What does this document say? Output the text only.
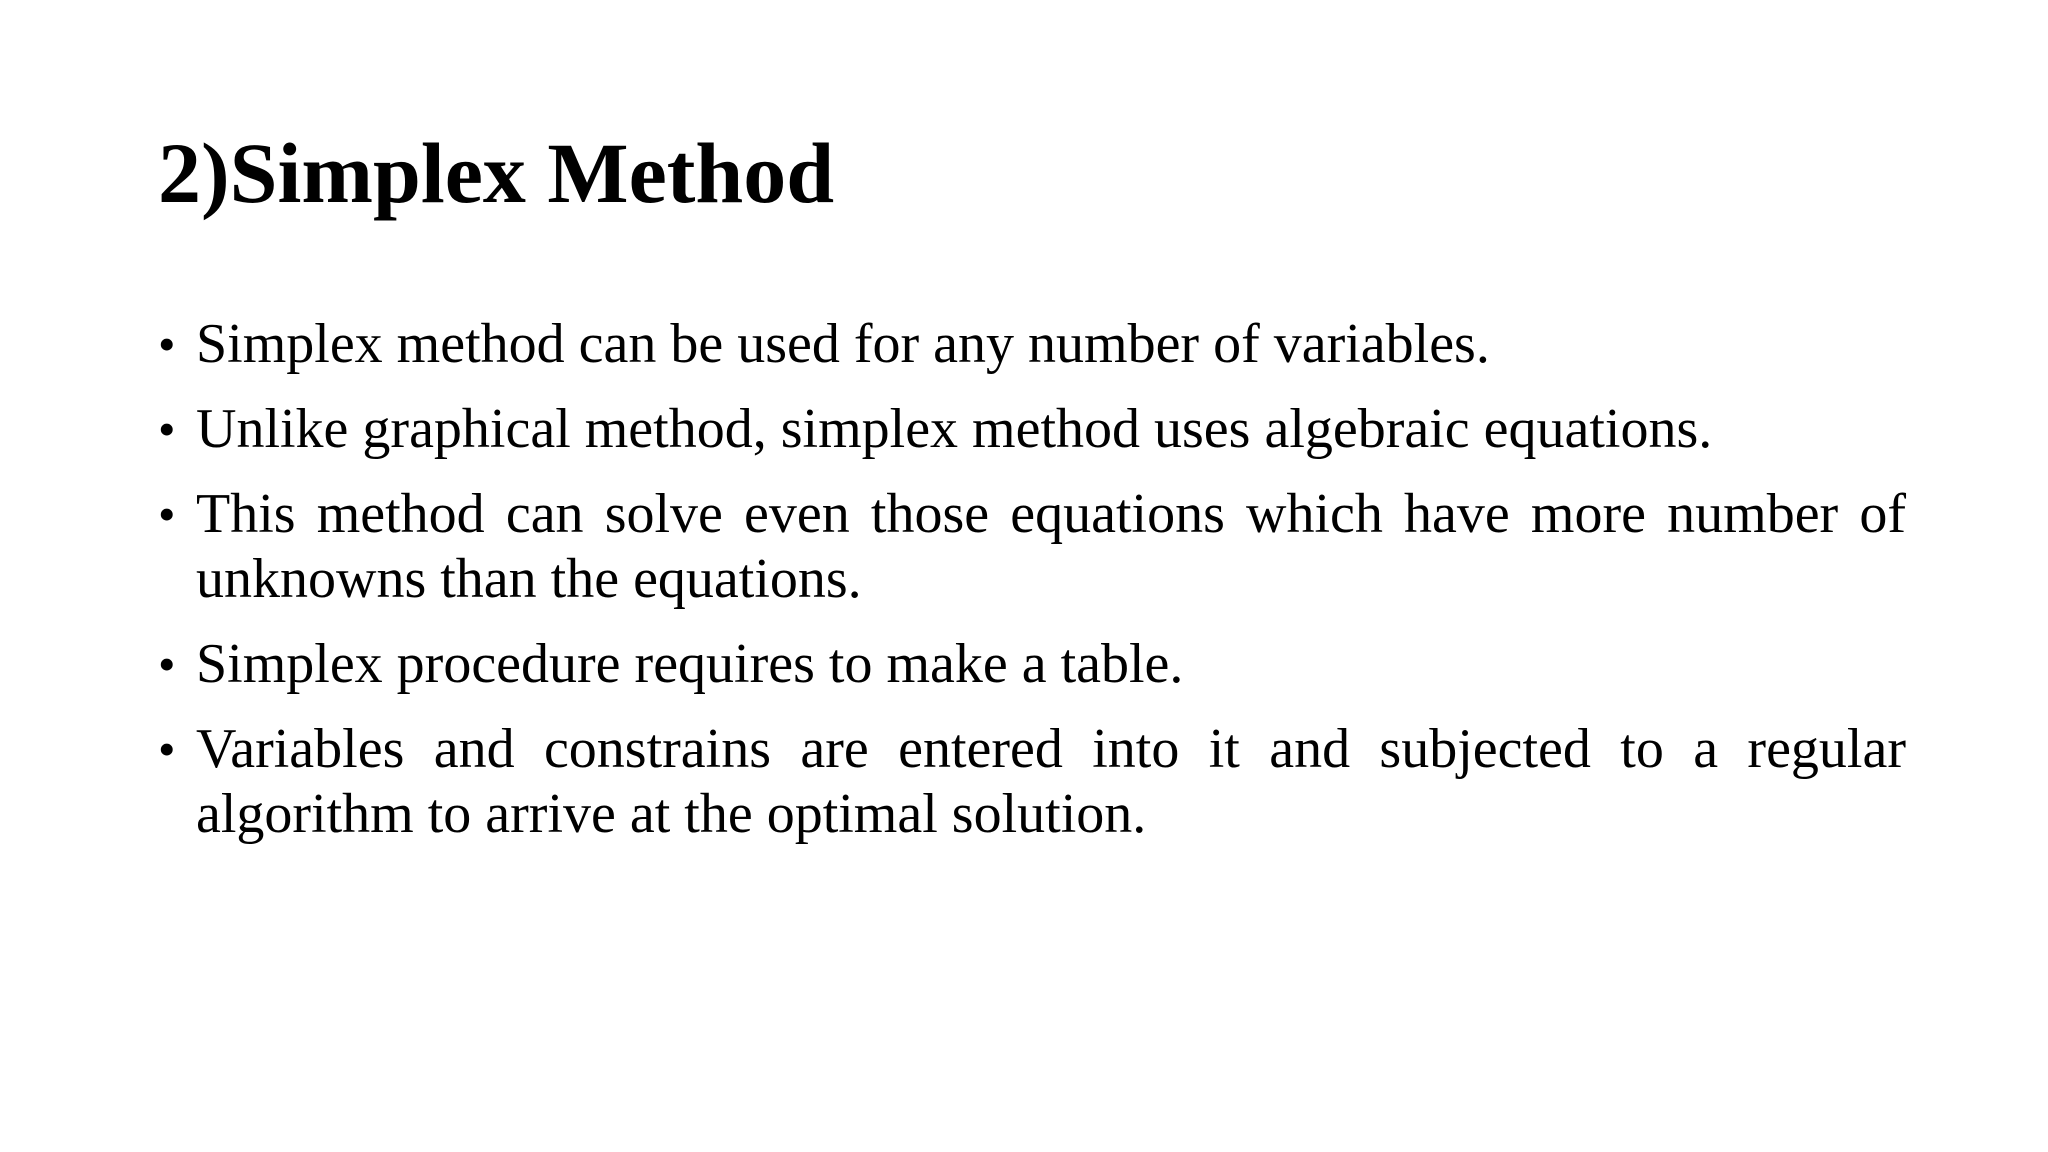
2)Simplex Method
• Simplex method can be used for any number of variables.
• Unlike graphical method, simplex method uses algebraic equations.
• This method can solve even those equations which have more number of unknowns than the equations.
• Simplex procedure requires to make a table.
• Variables and constrains are entered into it and subjected to a regular algorithm to arrive at the optimal solution.
